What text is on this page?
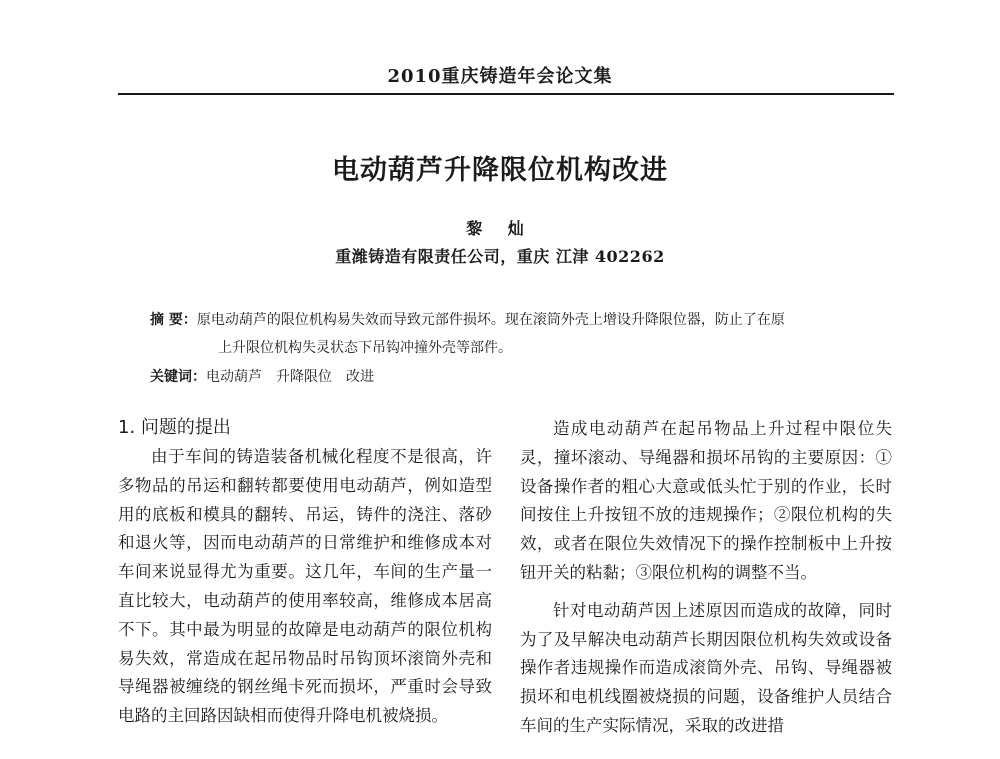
2010重庆铸造年会论文集
电动葫芦升降限位机构改进
黎 灿
重潍铸造有限责任公司，重庆 江津 402262
摘 要：原电动葫芦的限位机构易失效而导致元部件损坏。现在滚筒外壳上增设升降限位器，防止了在原
上升限位机构失灵状态下吊钩冲撞外壳等部件。
关键词：电动葫芦　升降限位　改进
1. 问题的提出

由于车间的铸造装备机械化程度不是很高，许多物品的吊运和翻转都要使用电动葫芦，例如造型用的底板和模具的翻转、吊运，铸件的浇注、落砂和退火等，因而电动葫芦的日常维护和维修成本对车间来说显得尤为重要。这几年，车间的生产量一直比较大，电动葫芦的使用率较高，维修成本居高不下。其中最为明显的故障是电动葫芦的限位机构易失效，常造成在起吊物品时吊钩顶坏滚筒外壳和导绳器被缠绕的钢丝绳卡死而损坏，严重时会导致电路的主回路因缺相而使得升降电机被烧损。

造成电动葫芦在起吊物品上升过程中限位失灵，撞坏滚动、导绳器和损坏吊钩的主要原因：①设备操作者的粗心大意或低头忙于别的作业，长时间按住上升按钮不放的违规操作；②限位机构的失效，或者在限位失效情况下的操作控制板中上升按钮开关的粘黏；③限位机构的调整不当。

针对电动葫芦因上述原因而造成的故障，同时为了及早解决电动葫芦长期因限位机构失效或设备操作者违规操作而造成滚筒外壳、吊钩、导绳器被损坏和电机线圈被烧损的问题，设备维护人员结合车间的生产实际情况，采取的改进措
